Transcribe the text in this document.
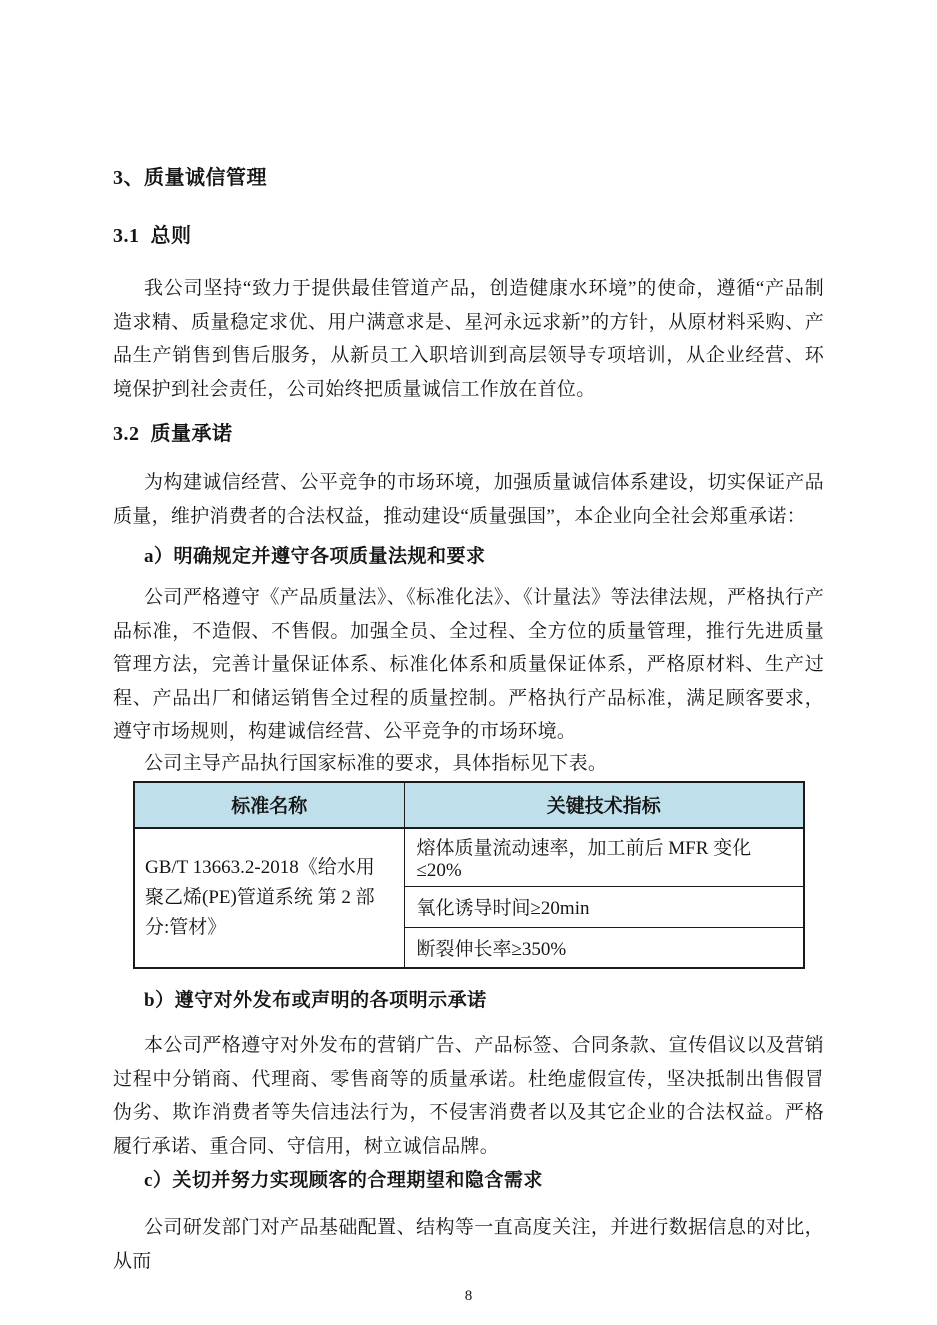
3、质量诚信管理
3.1  总则

我公司坚持“致力于提供最佳管道产品，创造健康水环境”的使命，遵循“产品制造求精、质量稳定求优、用户满意求是、星河永远求新”的方针，从原材料采购、产品生产销售到售后服务，从新员工入职培训到高层领导专项培训，从企业经营、环境保护到社会责任，公司始终把质量诚信工作放在首位。

3.2  质量承诺

为构建诚信经营、公平竞争的市场环境，加强质量诚信体系建设，切实保证产品质量，维护消费者的合法权益，推动建设“质量强国”，本企业向全社会郑重承诺：

a）明确规定并遵守各项质量法规和要求

公司严格遵守《产品质量法》、《标准化法》、《计量法》等法律法规，严格执行产品标准，不造假、不售假。加强全员、全过程、全方位的质量管理，推行先进质量管理方法，完善计量保证体系、标准化体系和质量保证体系，严格原材料、生产过程、产品出厂和储运销售全过程的质量控制。严格执行产品标准，满足顾客要求，遵守市场规则，构建诚信经营、公平竞争的市场环境。

公司主导产品执行国家标准的要求，具体指标见下表。

标准名称	关键技术指标
GB/T 13663.2-2018《给水用聚乙烯(PE)管道系统 第 2 部分:管材》	熔体质量流动速率，加工前后 MFR 变化≤20%
	氧化诱导时间≥20min
	断裂伸长率≥350%
b）遵守对外发布或声明的各项明示承诺

本公司严格遵守对外发布的营销广告、产品标签、合同条款、宣传倡议以及营销过程中分销商、代理商、零售商等的质量承诺。杜绝虚假宣传，坚决抵制出售假冒伪劣、欺诈消费者等失信违法行为，不侵害消费者以及其它企业的合法权益。严格履行承诺、重合同、守信用，树立诚信品牌。

c）关切并努力实现顾客的合理期望和隐含需求

公司研发部门对产品基础配置、结构等一直高度关注，并进行数据信息的对比，从而

8
